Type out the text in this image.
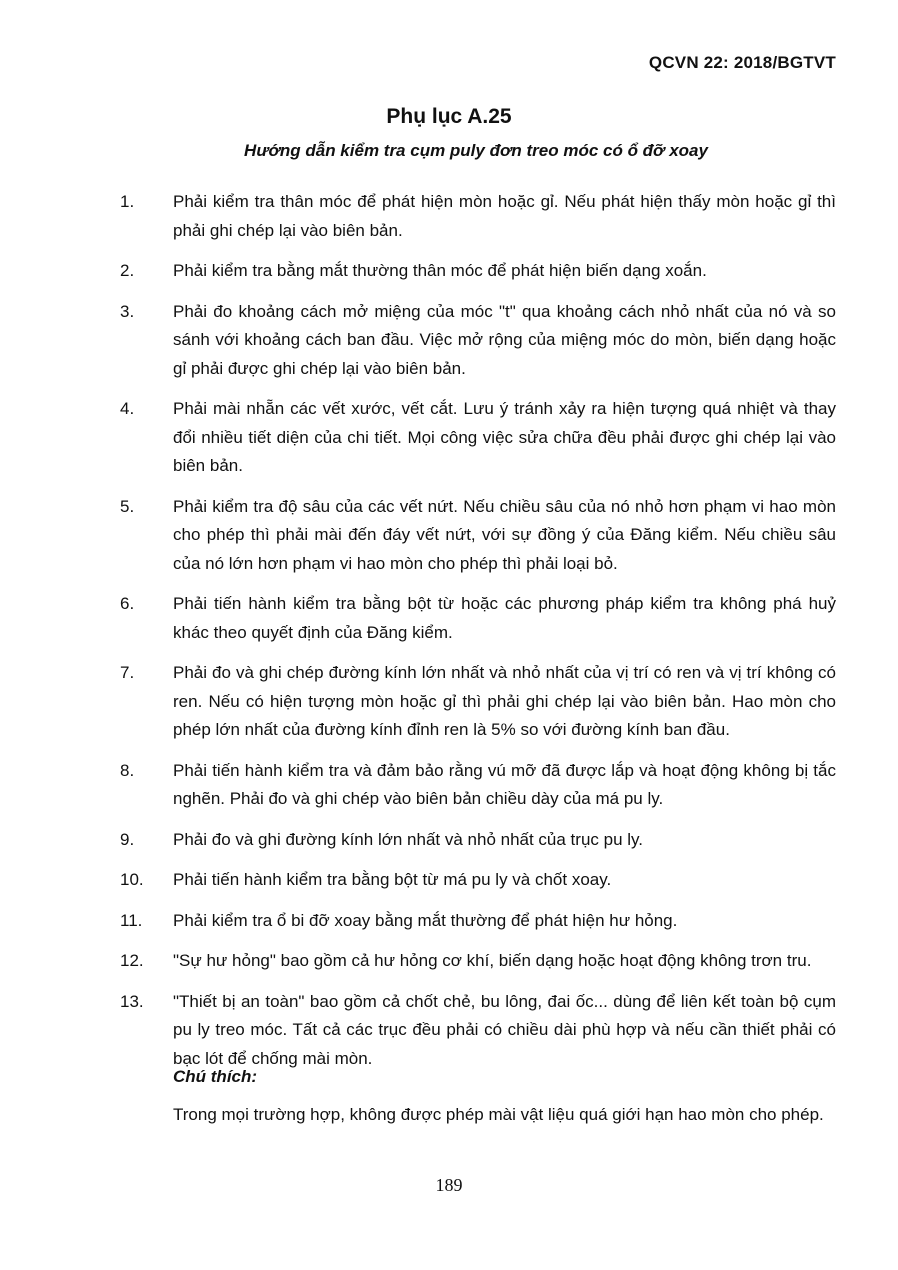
QCVN 22: 2018/BGTVT
Phụ lục A.25
Hướng dẫn kiểm tra cụm puly đơn treo móc có ổ đỡ xoay
1.	Phải kiểm tra thân móc để phát hiện mòn hoặc gỉ. Nếu phát hiện thấy mòn hoặc gỉ thì phải ghi chép lại vào biên bản.
2.	Phải kiểm tra bằng mắt thường thân móc để phát hiện biến dạng xoắn.
3.	Phải đo khoảng cách mở miệng của móc "t" qua khoảng cách nhỏ nhất của nó và so sánh với khoảng cách ban đầu. Việc mở rộng của miệng móc do mòn, biến dạng hoặc gỉ phải được ghi chép lại vào biên bản.
4.	Phải mài nhẵn các vết xước, vết cắt. Lưu ý tránh xảy ra hiện tượng quá nhiệt và thay đổi nhiều tiết diện của chi tiết. Mọi công việc sửa chữa đều phải được ghi chép lại vào biên bản.
5.	Phải kiểm tra độ sâu của các vết nứt. Nếu chiều sâu của nó nhỏ hơn phạm vi hao mòn cho phép thì phải mài đến đáy vết nứt, với sự đồng ý của Đăng kiểm. Nếu chiều sâu của nó lớn hơn phạm vi hao mòn cho phép thì phải loại bỏ.
6.	Phải tiến hành kiểm tra bằng bột từ hoặc các phương pháp kiểm tra không phá huỷ khác theo quyết định của Đăng kiểm.
7.	Phải đo và ghi chép đường kính lớn nhất và nhỏ nhất của vị trí có ren và vị trí không có ren. Nếu có hiện tượng mòn hoặc gỉ thì phải ghi chép lại vào biên bản. Hao mòn cho phép lớn nhất của đường kính đỉnh ren là 5% so với đường kính ban đầu.
8.	Phải tiến hành kiểm tra và đảm bảo rằng vú mỡ đã được lắp và hoạt động không bị tắc nghẽn. Phải đo và ghi chép vào biên bản chiều dày của má pu ly.
9.	Phải đo và ghi đường kính lớn nhất và nhỏ nhất của trục pu ly.
10.	Phải tiến hành kiểm tra bằng bột từ má pu ly và chốt xoay.
11.	Phải kiểm tra ổ bi đỡ xoay bằng mắt thường để phát hiện hư hỏng.
12.	"Sự hư hỏng" bao gồm cả hư hỏng cơ khí, biến dạng hoặc hoạt động không trơn tru.
13.	"Thiết bị an toàn" bao gồm cả chốt chẻ, bu lông, đai ốc... dùng để liên kết toàn bộ cụm pu ly treo móc. Tất cả các trục đều phải có chiều dài phù hợp và nếu cần thiết phải có bạc lót để chống mài mòn.
Chú thích:
Trong mọi trường hợp, không được phép mài vật liệu quá giới hạn hao mòn cho phép.
189
